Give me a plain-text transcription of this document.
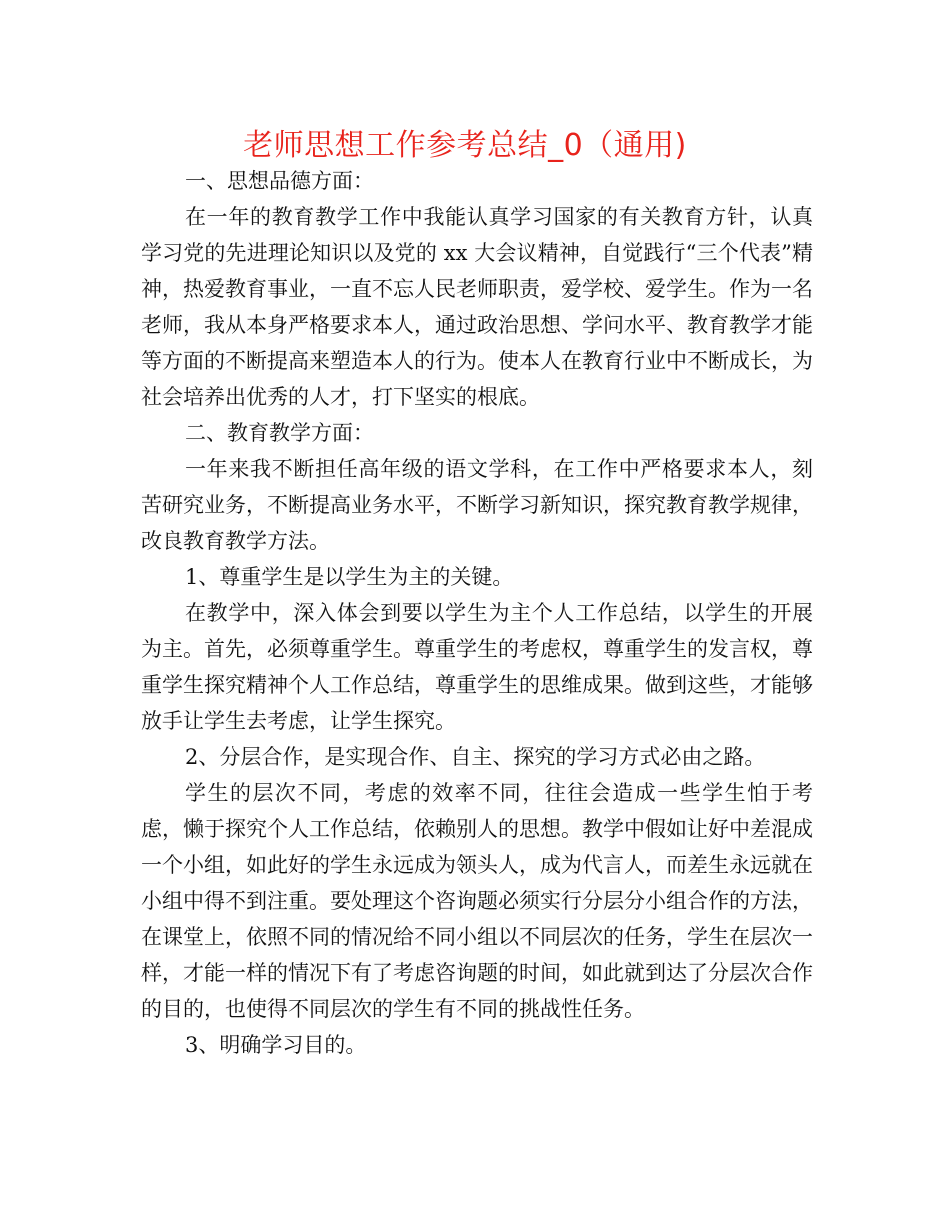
老师思想工作参考总结_0（通用)

一、思想品德方面：

在一年的教育教学工作中我能认真学习国家的有关教育方针，认真学习党的先进理论知识以及党的 xx 大会议精神，自觉践行“三个代表”精神，热爱教育事业，一直不忘人民老师职责，爱学校、爱学生。作为一名老师，我从本身严格要求本人，通过政治思想、学问水平、教育教学才能等方面的不断提高来塑造本人的行为。使本人在教育行业中不断成长，为社会培养出优秀的人才，打下坚实的根底。

二、教育教学方面：

一年来我不断担任高年级的语文学科，在工作中严格要求本人，刻苦研究业务，不断提高业务水平，不断学习新知识，探究教育教学规律，改良教育教学方法。

1、尊重学生是以学生为主的关键。

在教学中，深入体会到要以学生为主个人工作总结，以学生的开展为主。首先，必须尊重学生。尊重学生的考虑权，尊重学生的发言权，尊重学生探究精神个人工作总结，尊重学生的思维成果。做到这些，才能够放手让学生去考虑，让学生探究。

2、分层合作，是实现合作、自主、探究的学习方式必由之路。

学生的层次不同，考虑的效率不同，往往会造成一些学生怕于考虑，懒于探究个人工作总结，依赖别人的思想。教学中假如让好中差混成一个小组，如此好的学生永远成为领头人，成为代言人，而差生永远就在小组中得不到注重。要处理这个咨询题必须实行分层分小组合作的方法，在课堂上，依照不同的情况给不同小组以不同层次的任务，学生在层次一样，才能一样的情况下有了考虑咨询题的时间，如此就到达了分层次合作的目的，也使得不同层次的学生有不同的挑战性任务。

3、明确学习目的。
